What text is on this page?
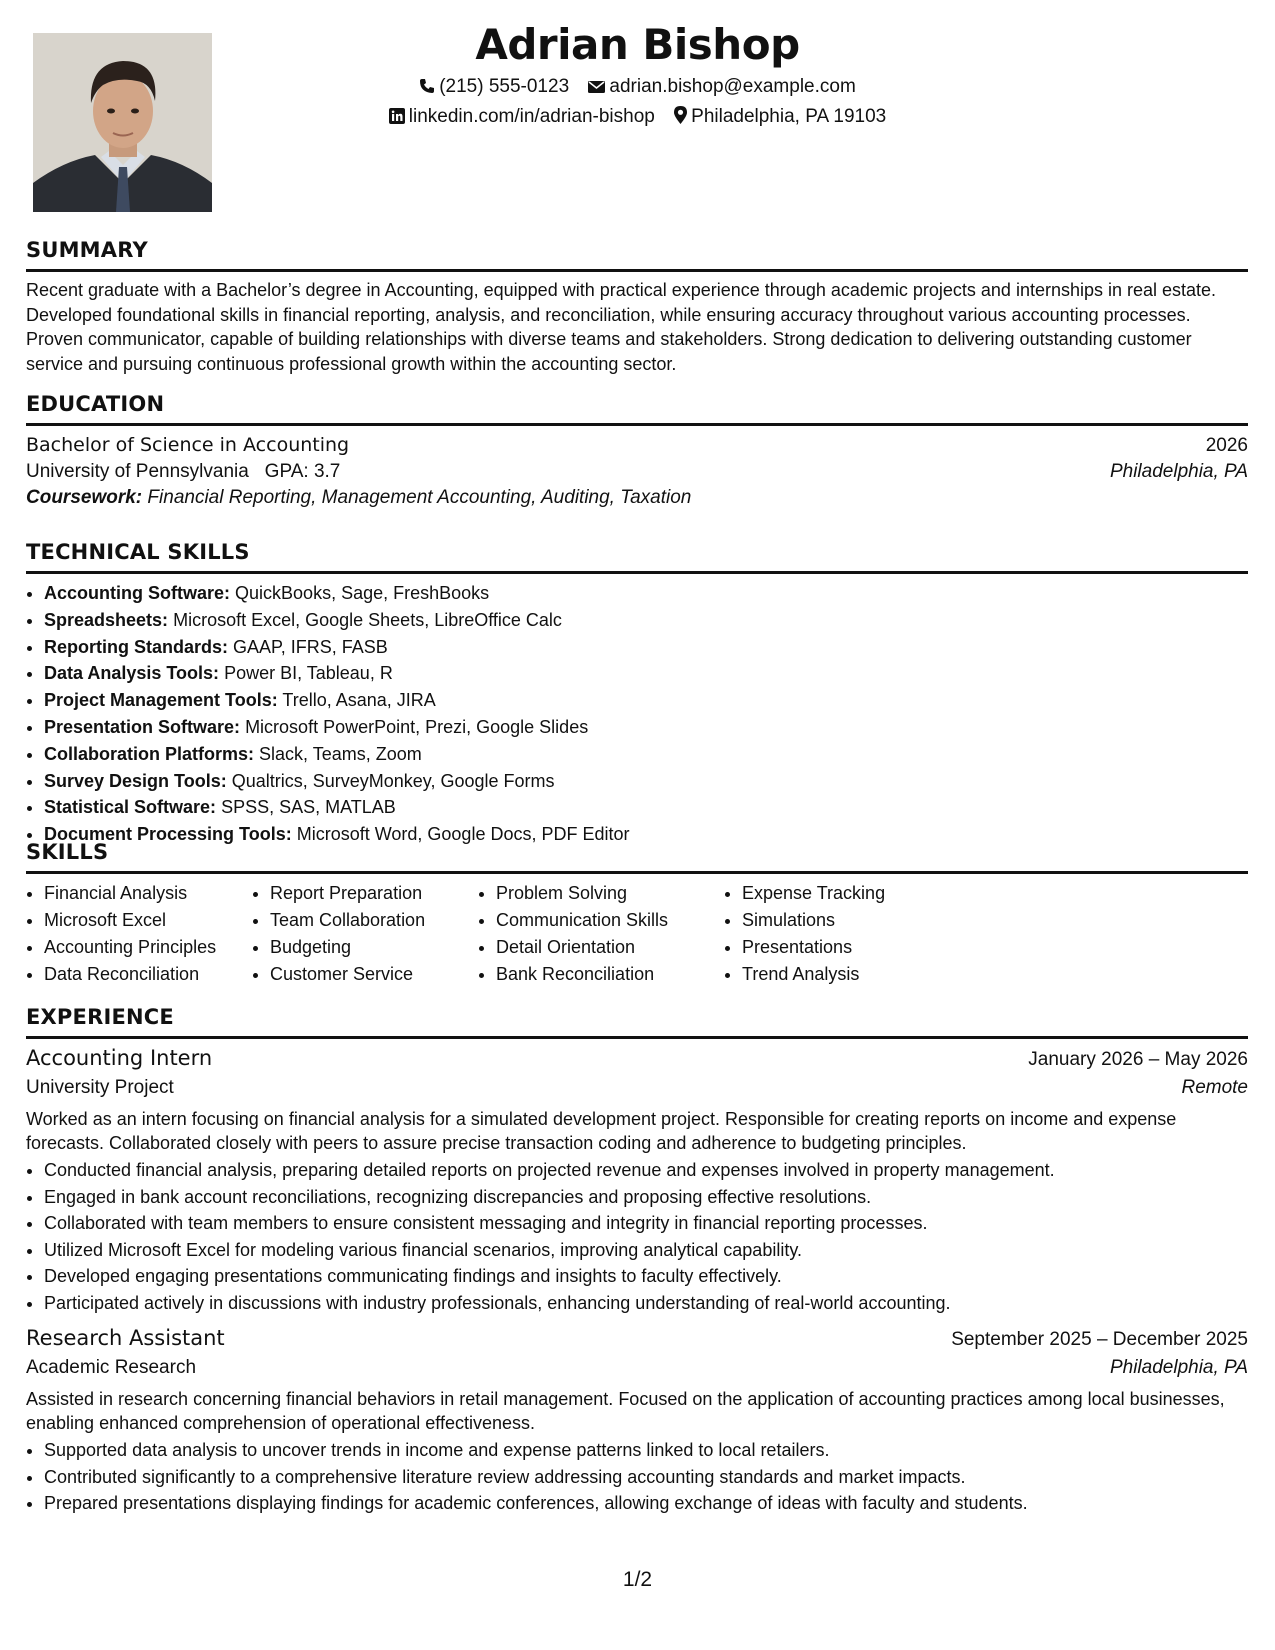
Adrian Bishop
(215) 555-0123 adrian.bishop@example.com
linkedin.com/in/adrian-bishop Philadelphia, PA 19103
SUMMARY
Recent graduate with a Bachelor’s degree in Accounting, equipped with practical experience through academic projects and internships in real estate. Developed foundational skills in financial reporting, analysis, and reconciliation, while ensuring accuracy throughout various accounting processes. Proven communicator, capable of building relationships with diverse teams and stakeholders. Strong dedication to delivering outstanding customer service and pursuing continuous professional growth within the accounting sector.
EDUCATION
Bachelor of Science in Accounting	2026
University of Pennsylvania GPA: 3.7	Philadelphia, PA
Coursework: Financial Reporting, Management Accounting, Auditing, Taxation
TECHNICAL SKILLS
• Accounting Software: QuickBooks, Sage, FreshBooks
• Spreadsheets: Microsoft Excel, Google Sheets, LibreOffice Calc
• Reporting Standards: GAAP, IFRS, FASB
• Data Analysis Tools: Power BI, Tableau, R
• Project Management Tools: Trello, Asana, JIRA
• Presentation Software: Microsoft PowerPoint, Prezi, Google Slides
• Collaboration Platforms: Slack, Teams, Zoom
• Survey Design Tools: Qualtrics, SurveyMonkey, Google Forms
• Statistical Software: SPSS, SAS, MATLAB
• Document Processing Tools: Microsoft Word, Google Docs, PDF Editor
SKILLS
• Financial Analysis
• Microsoft Excel
• Accounting Principles
• Data Reconciliation
• Report Preparation
• Team Collaboration
• Budgeting
• Customer Service
• Problem Solving
• Communication Skills
• Detail Orientation
• Bank Reconciliation
• Expense Tracking
• Simulations
• Presentations
• Trend Analysis
EXPERIENCE
Accounting Intern	January 2026 – May 2026
University Project	Remote
Worked as an intern focusing on financial analysis for a simulated development project. Responsible for creating reports on income and expense forecasts. Collaborated closely with peers to assure precise transaction coding and adherence to budgeting principles.
• Conducted financial analysis, preparing detailed reports on projected revenue and expenses involved in property management.
• Engaged in bank account reconciliations, recognizing discrepancies and proposing effective resolutions.
• Collaborated with team members to ensure consistent messaging and integrity in financial reporting processes.
• Utilized Microsoft Excel for modeling various financial scenarios, improving analytical capability.
• Developed engaging presentations communicating findings and insights to faculty effectively.
• Participated actively in discussions with industry professionals, enhancing understanding of real-world accounting.
Research Assistant	September 2025 – December 2025
Academic Research	Philadelphia, PA
Assisted in research concerning financial behaviors in retail management. Focused on the application of accounting practices among local businesses, enabling enhanced comprehension of operational effectiveness.
• Supported data analysis to uncover trends in income and expense patterns linked to local retailers.
• Contributed significantly to a comprehensive literature review addressing accounting standards and market impacts.
• Prepared presentations displaying findings for academic conferences, allowing exchange of ideas with faculty and students.
1/2
